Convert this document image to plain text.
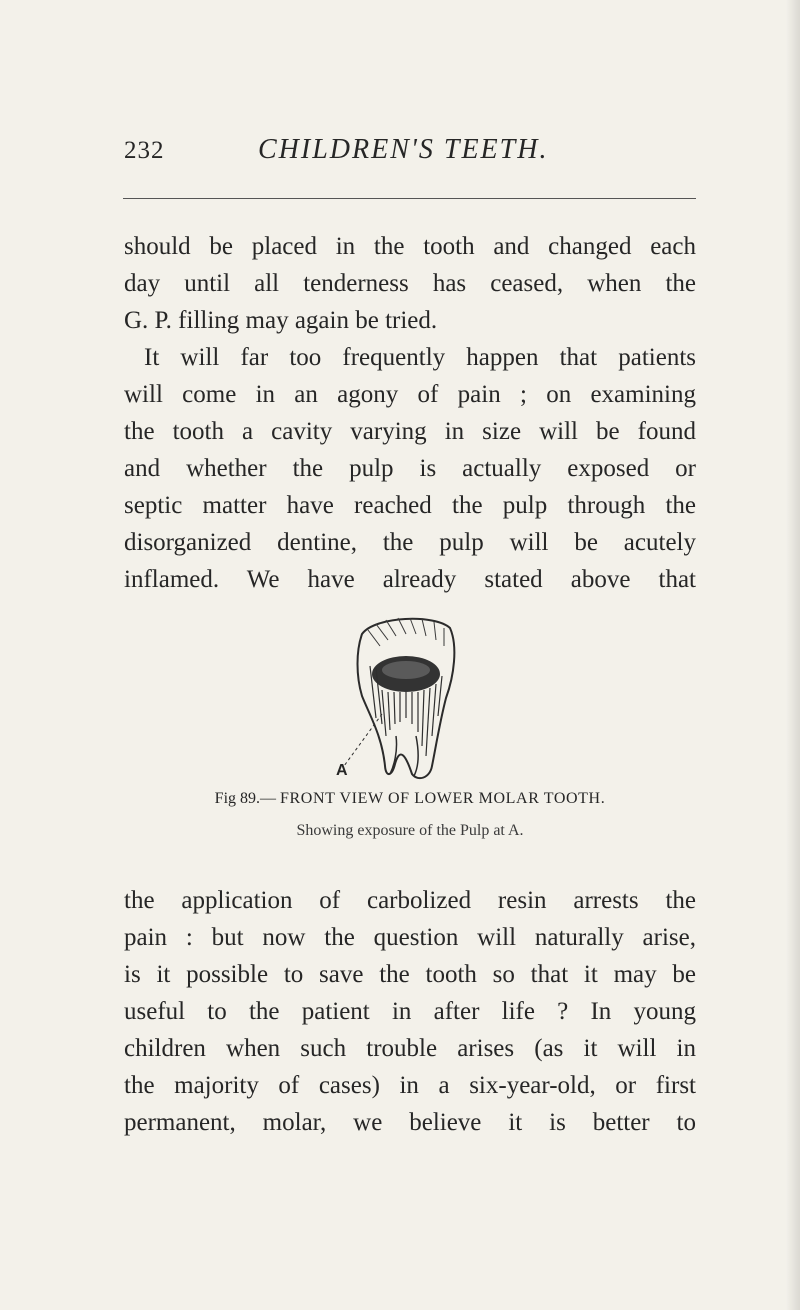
232	CHILDREN'S TEETH.
should be placed in the tooth and changed each
day until all tenderness has ceased, when the
G. P. filling may again be tried.
It will far too frequently happen that patients
will come in an agony of pain ; on examining
the tooth a cavity varying in size will be found
and whether the pulp is actually exposed or
septic matter have reached the pulp through the
disorganized dentine, the pulp will be acutely
inflamed. We have already stated above that
A
Fig 89.— FRONT VIEW OF LOWER MOLAR TOOTH.
Showing exposure of the Pulp at A.
the application of carbolized resin arrests the
pain : but now the question will naturally arise,
is it possible to save the tooth so that it may be
useful to the patient in after life ? In young
children when such trouble arises (as it will in
the majority of cases) in a six-year-old, or first
permanent, molar, we believe it is better to
